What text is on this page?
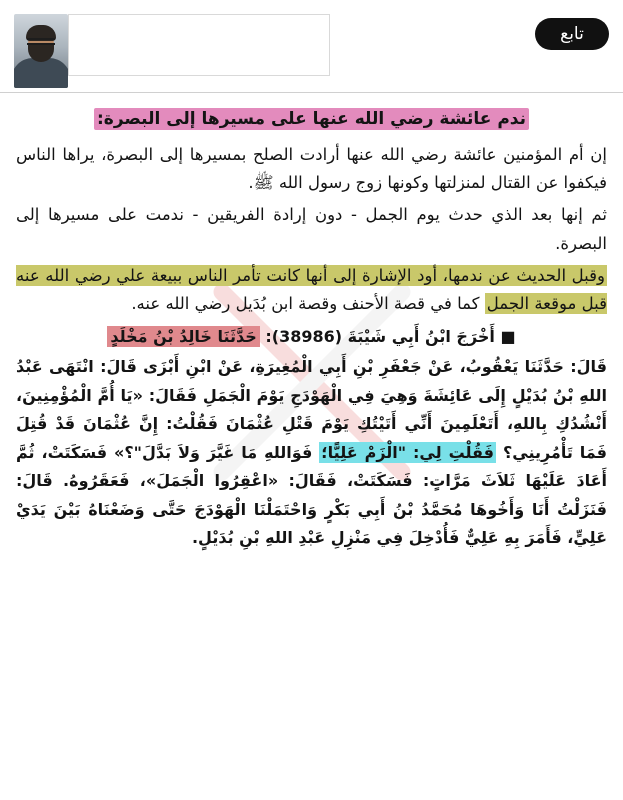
تابع

ندم عائشة رضي الله عنها على مسيرها إلى البصرة:

إن أم المؤمنين عائشة رضي الله عنها أرادت الصلح بمسيرها إلى البصرة، يراها الناس فيكفوا عن القتال لمنزلتها وكونها زوج رسول الله ﷺ.

ثم إنها بعد الذي حدث يوم الجمل - دون إرادة الفريقين - ندمت على مسيرها إلى البصرة.

وقبل الحديث عن ندمها، أود الإشارة إلى أنها كانت تأمر الناس ببيعة علي رضي الله عنه قبل موقعة الجمل كما في قصة الأحنف وقصة ابن بُدَيل رضي الله عنه.

■ أَخْرَجَ ابْنُ أَبِي شَيْبَةَ (38986): حَدَّثَنَا خَالِدُ بْنُ مَخْلَدٍ

قَالَ: حَدَّثَنَا يَعْقُوبُ، عَنْ جَعْفَرِ بْنِ أَبِي الْمُغِيرَةِ، عَنْ ابْنِ أَبْزَى قَالَ: انْتَهَى عَبْدُ اللهِ بْنُ بُدَيْلٍ إِلَى عَائِشَةَ وَهِيَ فِي الْهَوْدَجِ يَوْمَ الْجَمَلِ فَقَالَ: «يَا أُمَّ الْمُؤْمِنِينَ، أَنْشُدُكِ بِاللهِ، أَتَعْلَمِينَ أَنِّي أَتَيْتُكِ يَوْمَ قَتْلِ عُثْمَانَ فَقُلْتُ: إِنَّ عُثْمَانَ قَدْ قُتِلَ فَمَا تَأْمُرِينِي؟ فَقُلْتِ لِي: "الْزَمْ عَلِيًّا؛ فَوَاللهِ مَا غَيَّرَ وَلاَ بَدَّلَ"؟» فَسَكَتَتْ، ثُمَّ أَعَادَ عَلَيْهَا ثَلاَثَ مَرَّاتٍ: فَسَكَتَتْ، فَقَالَ: «اعْقِرُوا الْجَمَلَ»، فَعَقَرُوهُ. قَالَ: فَنَزَلْتُ أَنَا وَأَخُوهَا مُحَمَّدُ بْنُ أَبِي بَكْرٍ وَاحْتَمَلْنَا الْهَوْدَجَ حَتَّى وَضَعْنَاهُ بَيْنَ يَدَيْ عَلِيٍّ، فَأَمَرَ بِهِ عَلِيٌّ فَأُدْخِلَ فِي مَنْزِلِ عَبْدِ اللهِ بْنِ بُدَيْلٍ.
